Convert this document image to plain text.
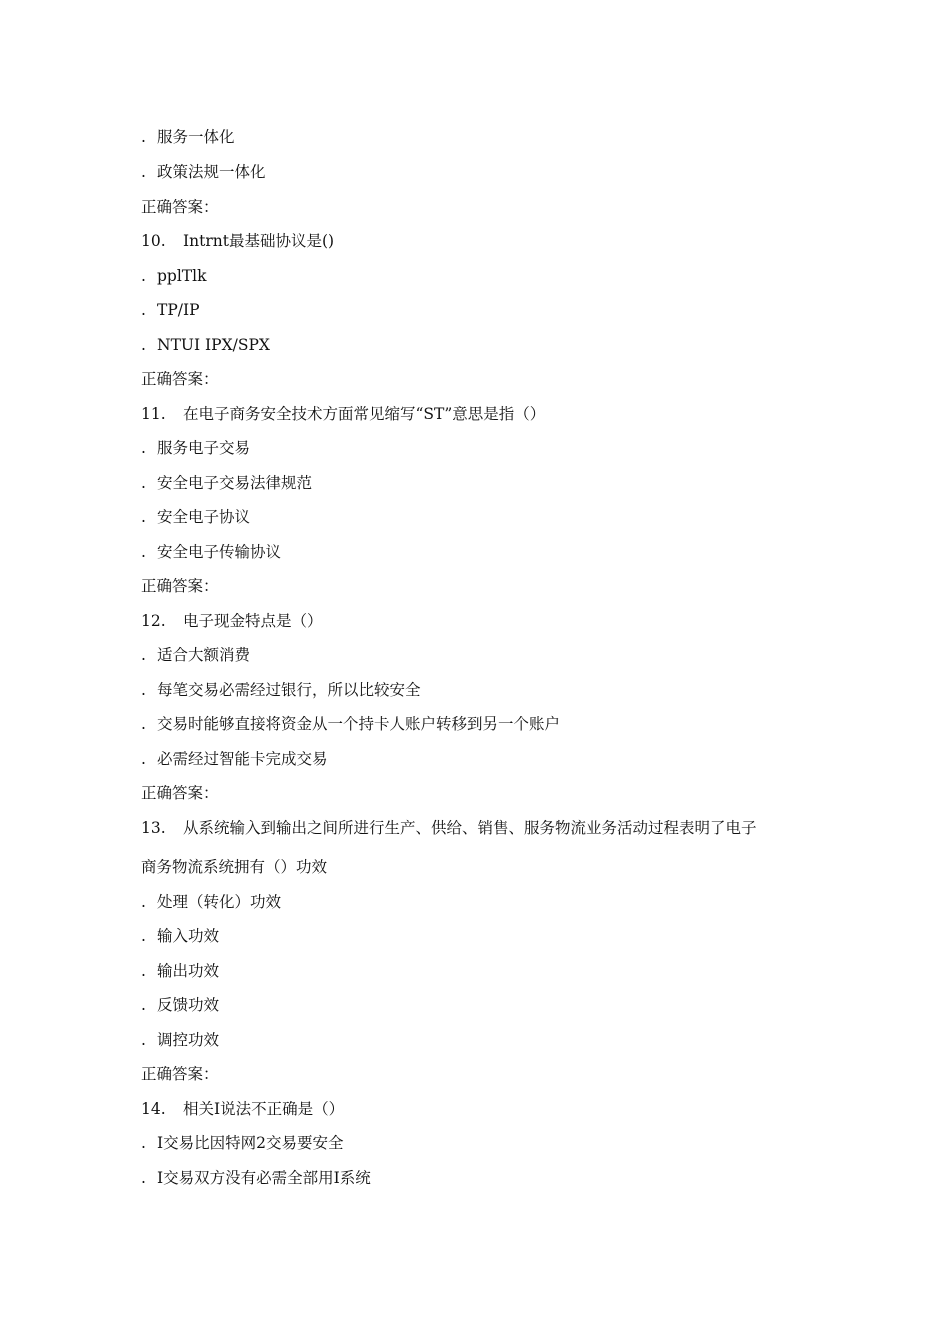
. 服务一体化
. 政策法规一体化
正确答案：
10. Intrnt最基础协议是()
. pplTlk
. TP/IP
. NTUI IPX/SPX
正确答案：
11. 在电子商务安全技术方面常见缩写“ST”意思是指（）
. 服务电子交易
. 安全电子交易法律规范
. 安全电子协议
. 安全电子传输协议
正确答案：
12. 电子现金特点是（）
. 适合大额消费
. 每笔交易必需经过银行，所以比较安全
. 交易时能够直接将资金从一个持卡人账户转移到另一个账户
. 必需经过智能卡完成交易
正确答案：
13. 从系统输入到输出之间所进行生产、供给、销售、服务物流业务活动过程表明了电子
商务物流系统拥有（）功效
. 处理（转化）功效
. 输入功效
. 输出功效
. 反馈功效
. 调控功效
正确答案：
14. 相关I说法不正确是（）
. I交易比因特网2交易要安全
. I交易双方没有必需全部用I系统
